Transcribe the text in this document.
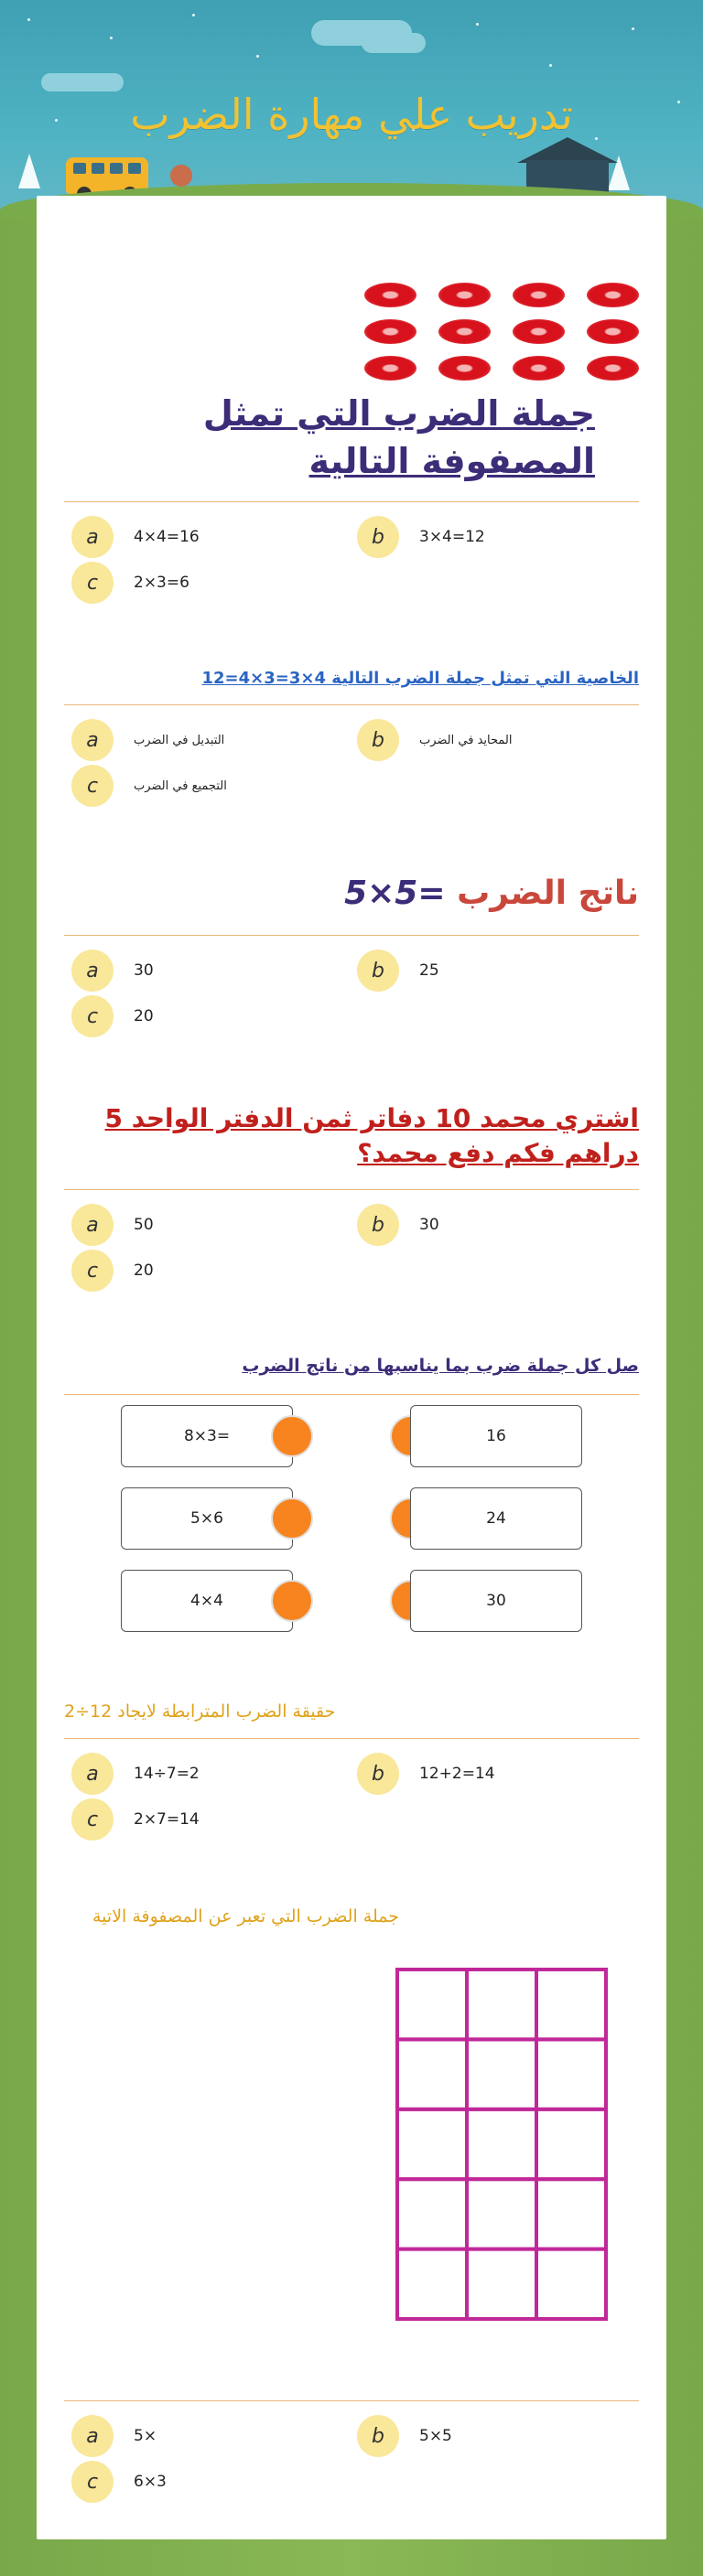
تدريب علي مهارة الضرب
جملة الضرب التي تمثل المصفوفة التالية
a	4×4=16	b	3×4=12
c	2×3=6
الخاصية التي تمثل جملة الضرب التالية 4×3=3×4=12
a	التبديل في الضرب	b	المحايد في الضرب
c	التجميع في الضرب
ناتج الضرب 5×5=
a	30	b	25
c	20
اشتري محمد 10 دفاتر ثمن الدفتر الواحد 5 دراهم فكم دفع محمد؟
a	50	b	30
c	20
صل كل جملة ضرب بما يناسبها من ناتج الضرب
8×3=	16
5×6	24
4×4	30
حقيقة الضرب المترابطة لايجاد 12÷2
a	14÷7=2	b	12+2=14
c	2×7=14
جملة الضرب التي تعبر عن المصفوفة الاتية
a	5×	b	5×5
c	6×3
